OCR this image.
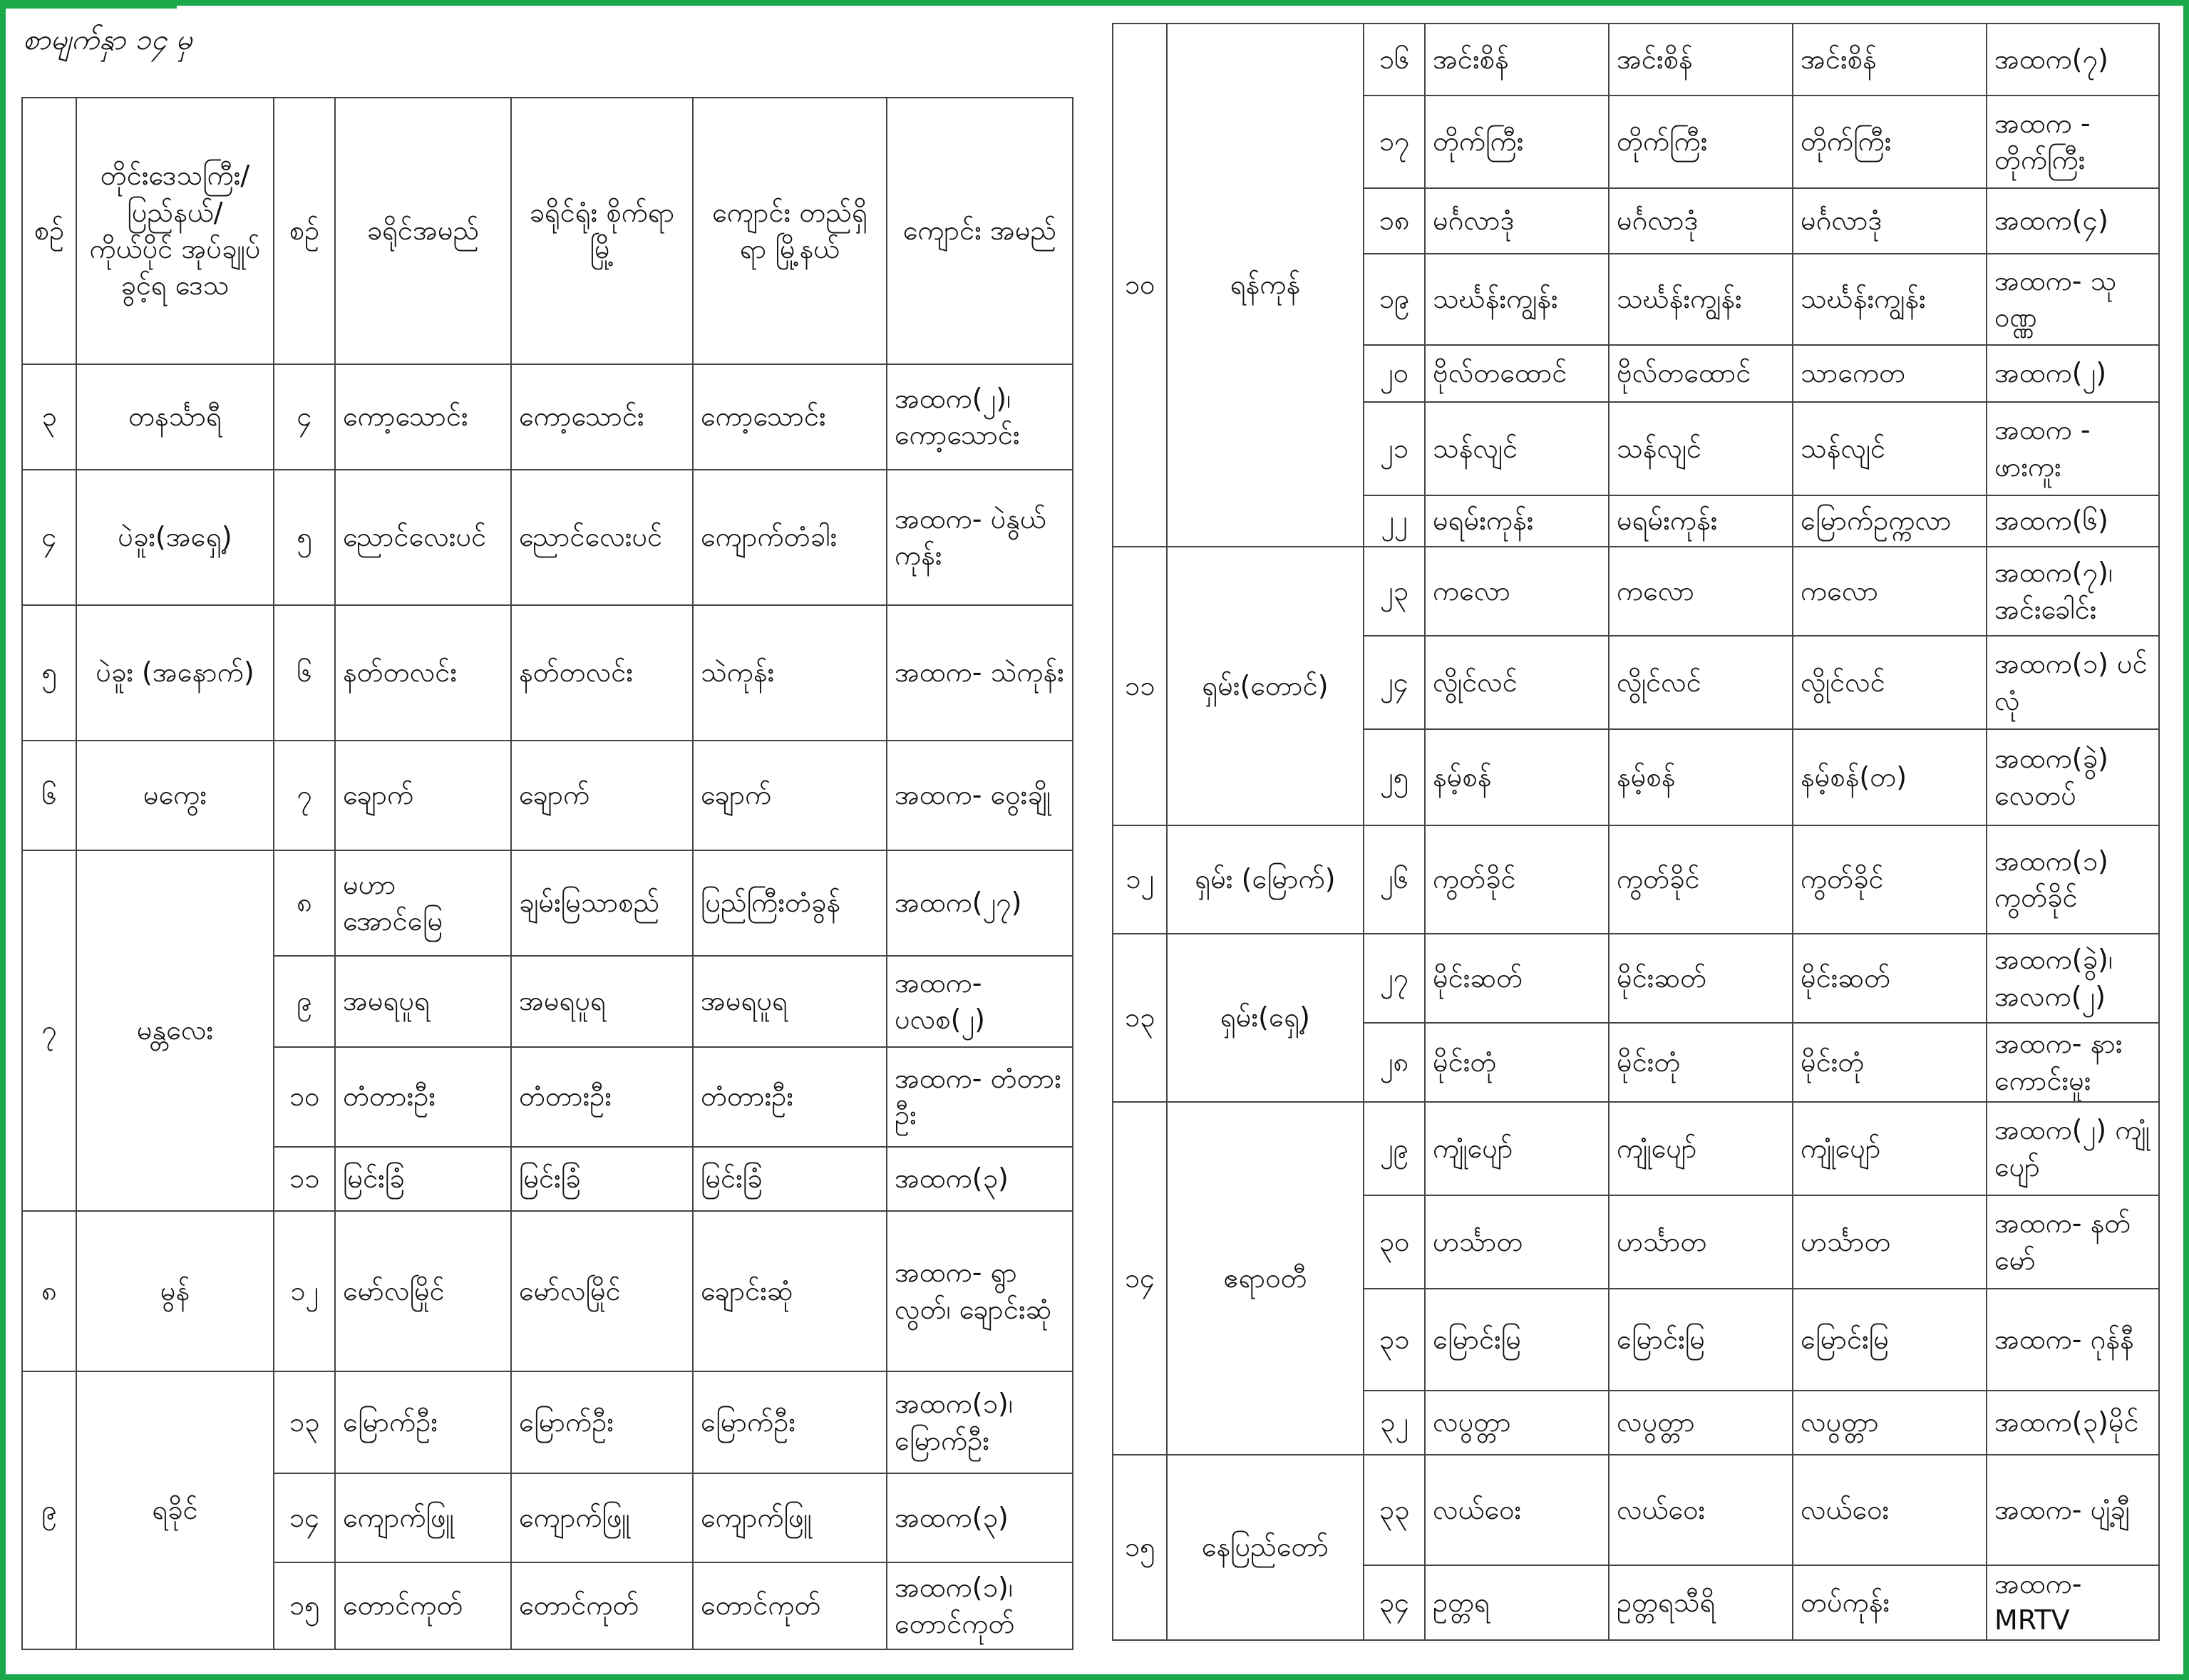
စာမျက်နှာ ၁၄ မှ
စဉ်	တိုင်းဒေသကြီး/ ပြည်နယ်/ ကိုယ်ပိုင် အုပ်ချုပ်ခွင့်ရ ဒေသ	စဉ်	ခရိုင်အမည်	ခရိုင်ရုံး စိုက်ရာမြို့	ကျောင်း တည်ရှိရာ မြို့နယ်	ကျောင်း အမည်
၃	တနင်္သာရီ	၄	ကော့သောင်း	ကော့သောင်း	ကော့သောင်း	အထက(၂)၊ ကော့သောင်း
၄	ပဲခူး(အရှေ့)	၅	ညောင်လေးပင်	ညောင်လေးပင်	ကျောက်တံခါး	အထက- ပဲနွယ်ကုန်း
၅	ပဲခူး (အနောက်)	၆	နတ်တလင်း	နတ်တလင်း	သဲကုန်း	အထက- သဲကုန်း
၆	မကွေး	၇	ချောက်	ချောက်	ချောက်	အထက- ဝွေးချို
၇	မန္တလေး	၈	မဟာ အောင်မြေ	ချမ်းမြသာစည်	ပြည်ကြီးတံခွန်	အထက(၂၇)
		၉	အမရပူရ	အမရပူရ	အမရပူရ	အထက- ပလစ(၂)
		၁၀	တံတားဦး	တံတားဦး	တံတားဦး	အထက- တံတားဦး
		၁၁	မြင်းခြံ	မြင်းခြံ	မြင်းခြံ	အထက(၃)
၈	မွန်	၁၂	မော်လမြိုင်	မော်လမြိုင်	ချောင်းဆုံ	အထက- ရွာလွတ်၊ ချောင်းဆုံ
၉	ရခိုင်	၁၃	မြောက်ဦး	မြောက်ဦး	မြောက်ဦး	အထက(၁)၊ မြောက်ဦး
		၁၄	ကျောက်ဖြူ	ကျောက်ဖြူ	ကျောက်ဖြူ	အထက(၃)
		၁၅	တောင်ကုတ်	တောင်ကုတ်	တောင်ကုတ်	အထက(၁)၊ တောင်ကုတ်
၁၀	ရန်ကုန်	၁၆	အင်းစိန်	အင်းစိန်	အင်းစိန်	အထက(၇)
		၁၇	တိုက်ကြီး	တိုက်ကြီး	တိုက်ကြီး	အထက - တိုက်ကြီး
		၁၈	မင်္ဂလာဒုံ	မင်္ဂလာဒုံ	မင်္ဂလာဒုံ	အထက(၄)
		၁၉	သင်္ဃန်းကျွန်း	သင်္ဃန်းကျွန်း	သင်္ဃန်းကျွန်း	အထက- သုဝဏ္ဏ
		၂၀	ဗိုလ်တထောင်	ဗိုလ်တထောင်	သာကေတ	အထက(၂)
		၂၁	သန်လျင်	သန်လျင်	သန်လျင်	အထက - ဖားကူး
		၂၂	မရမ်းကုန်း	မရမ်းကုန်း	မြောက်ဥက္ကလာ	အထက(၆)
၁၁	ရှမ်း(တောင်)	၂၃	ကလော	ကလော	ကလော	အထက(၇)၊ အင်းခေါင်း
		၂၄	လွိုင်လင်	လွိုင်လင်	လွိုင်လင်	အထက(၁) ပင်လုံ
		၂၅	နမ့်စန်	နမ့်စန်	နမ့်စန်(တ)	အထက(ခွဲ) လေတပ်
၁၂	ရှမ်း (မြောက်)	၂၆	ကွတ်ခိုင်	ကွတ်ခိုင်	ကွတ်ခိုင်	အထက(၁) ကွတ်ခိုင်
၁၃	ရှမ်း(ရှေ့)	၂၇	မိုင်းဆတ်	မိုင်းဆတ်	မိုင်းဆတ်	အထက(ခွဲ)၊ အလက(၂)
		၂၈	မိုင်းတုံ	မိုင်းတုံ	မိုင်းတုံ	အထက- နားကောင်းမူး
၁၄	ဧရာဝတီ	၂၉	ကျုံပျော်	ကျုံပျော်	ကျုံပျော်	အထက(၂) ကျုံပျော်
		၃၀	ဟင်္သာတ	ဟင်္သာတ	ဟင်္သာတ	အထက- နတ်မော်
		၃၁	မြောင်းမြ	မြောင်းမြ	မြောင်းမြ	အထက- ဂုန်နီ
		၃၂	လပွတ္တာ	လပွတ္တာ	လပွတ္တာ	အထက(၃)မိုင်
၁၅	နေပြည်တော်	၃၃	လယ်ဝေး	လယ်ဝေး	လယ်ဝေး	အထက- ပျံ့ချီ
		၃၄	ဥတ္တရ	ဥတ္တရသီရိ	တပ်ကုန်း	အထက-MRTV
